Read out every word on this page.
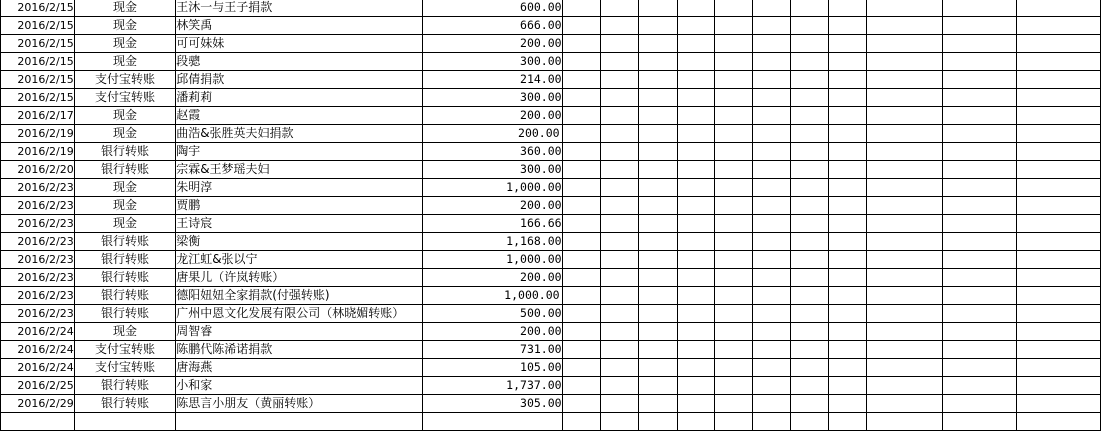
2016/2/15	现金	王沐一与王子捐款	600.00											
2016/2/15	现金	林笑禹	666.00											
2016/2/15	现金	可可妹妹	200.00											
2016/2/15	现金	段骢	300.00											
2016/2/15	支付宝转账	邱倩捐款	214.00											
2016/2/15	支付宝转账	潘莉莉	300.00											
2016/2/17	现金	赵霞	200.00											
2016/2/19	现金	曲浩&张胜英夫妇捐款	200.00											
2016/2/19	银行转账	陶宇	360.00											
2016/2/20	银行转账	宗霖&王梦瑶夫妇	300.00											
2016/2/23	现金	朱明淳	1,000.00											
2016/2/23	现金	贾鹏	200.00											
2016/2/23	现金	王诗宸	166.66											
2016/2/23	银行转账	梁衡	1,168.00											
2016/2/23	银行转账	龙江虹&张以宁	1,000.00											
2016/2/23	银行转账	唐果儿（许岚转账）	200.00											
2016/2/23	银行转账	德阳妞妞全家捐款(付强转账)	1,000.00											
2016/2/23	银行转账	广州中恩文化发展有限公司（林晓媚转账）	500.00											
2016/2/24	现金	周智睿	200.00											
2016/2/24	支付宝转账	陈鹏代陈浠诺捐款	731.00											
2016/2/24	支付宝转账	唐海燕	105.00											
2016/2/25	银行转账	小和家	1,737.00											
2016/2/29	银行转账	陈思言小朋友（黄丽转账）	305.00											
